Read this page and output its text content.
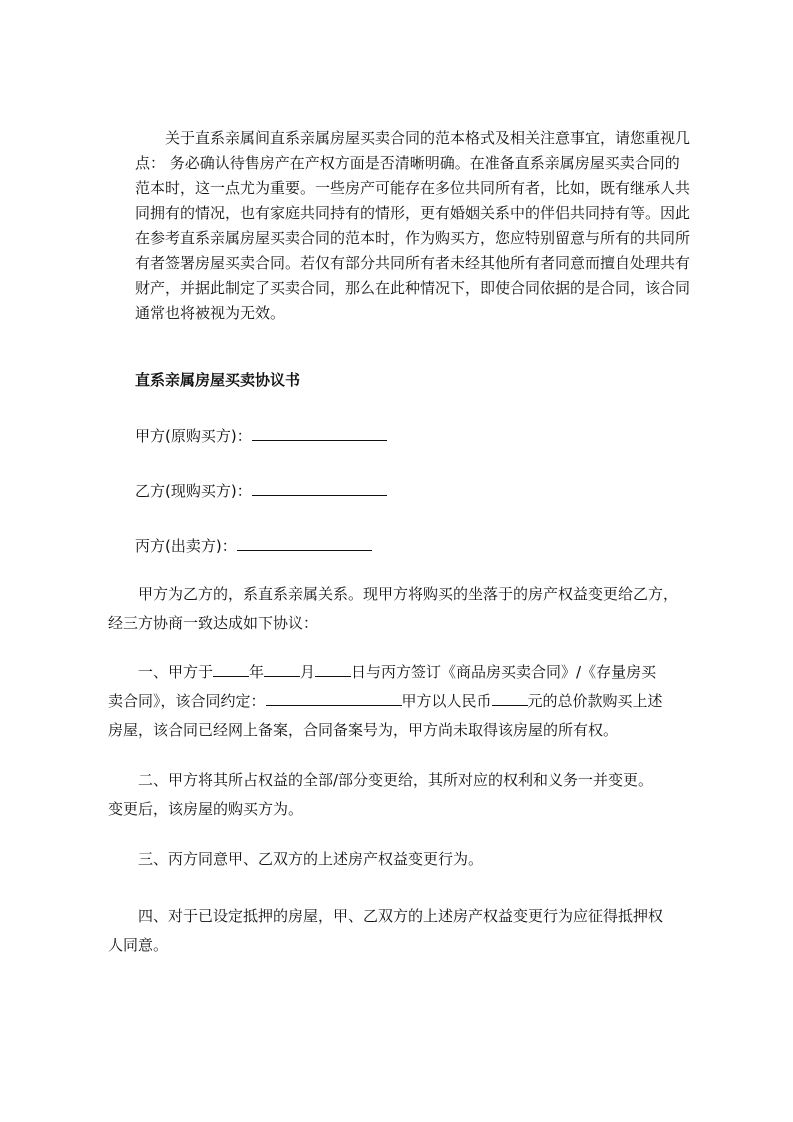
关于直系亲属间直系亲属房屋买卖合同的范本格式及相关注意事宜，请您重视几
点： 务必确认待售房产在产权方面是否清晰明确。在准备直系亲属房屋买卖合同的
范本时，这一点尤为重要。一些房产可能存在多位共同所有者，比如，既有继承人共
同拥有的情况，也有家庭共同持有的情形，更有婚姻关系中的伴侣共同持有等。因此
在参考直系亲属房屋买卖合同的范本时，作为购买方，您应特别留意与所有的共同所
有者签署房屋买卖合同。若仅有部分共同所有者未经其他所有者同意而擅自处理共有
财产，并据此制定了买卖合同，那么在此种情况下，即使合同依据的是合同，该合同
通常也将被视为无效。
直系亲属房屋买卖协议书
甲方(原购买方)：
乙方(现购买方)：
丙方(出卖方)：
甲方为乙方的，系直系亲属关系。现甲方将购买的坐落于的房产权益变更给乙方，
经三方协商一致达成如下协议：
一、甲方于 年 月 日与丙方签订《商品房买卖合同》/《存量房买
卖合同》，该合同约定：	甲方以人民币 元的总价款购买上述
房屋，该合同已经网上备案，合同备案号为，甲方尚未取得该房屋的所有权。
二、甲方将其所占权益的全部/部分变更给，其所对应的权利和义务一并变更。
变更后，该房屋的购买方为。
三、丙方同意甲、乙双方的上述房产权益变更行为。
四、对于已设定抵押的房屋，甲、乙双方的上述房产权益变更行为应征得抵押权
人同意。
